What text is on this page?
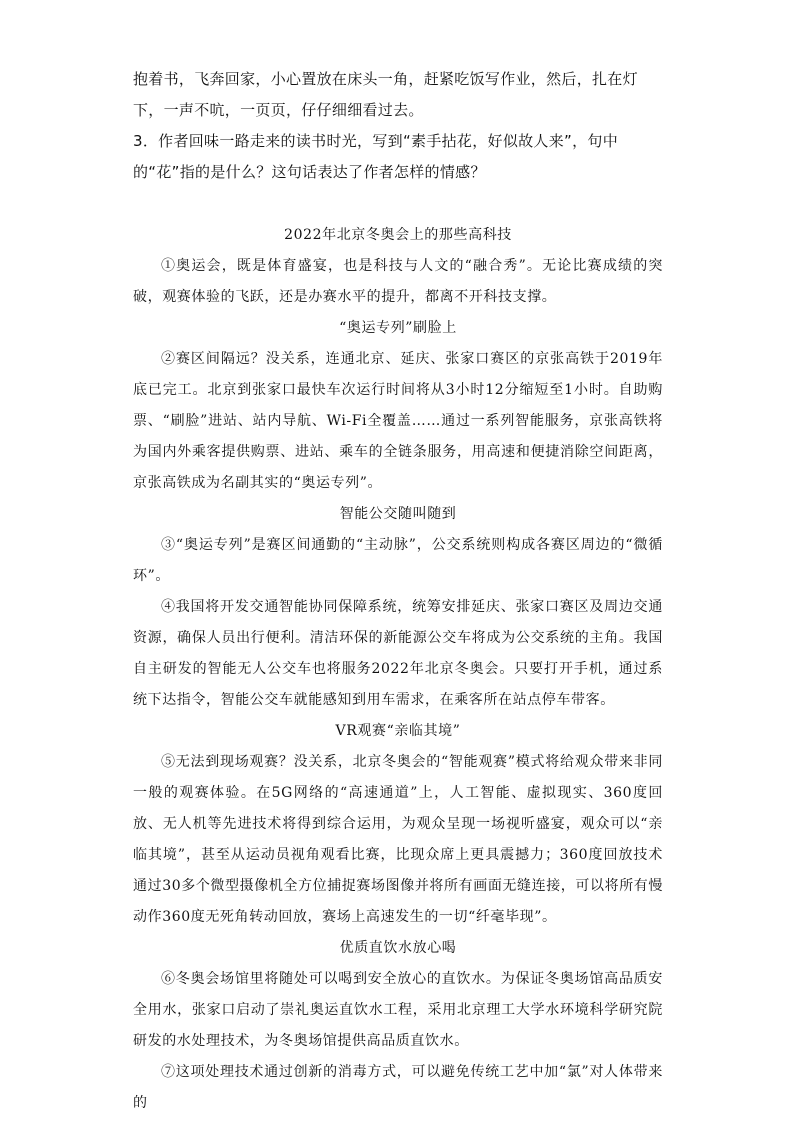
抱着书，飞奔回家，小心置放在床头一角，赶紧吃饭写作业，然后，扎在灯下，一声不吭，一页页，仔仔细细看过去。

3．作者回味一路走来的读书时光，写到“素手拈花，好似故人来”，句中的“花”指的是什么？这句话表达了作者怎样的情感？

2022年北京冬奥会上的那些高科技

①奥运会，既是体育盛宴，也是科技与人文的“融合秀”。无论比赛成绩的突破，观赛体验的飞跃，还是办赛水平的提升，都离不开科技支撑。

“奥运专列”刷脸上

②赛区间隔远？没关系，连通北京、延庆、张家口赛区的京张高铁于2019年底已完工。北京到张家口最快车次运行时间将从3小时12分缩短至1小时。自助购票、“刷脸”进站、站内导航、Wi-Fi全覆盖……通过一系列智能服务，京张高铁将为国内外乘客提供购票、进站、乘车的全链条服务，用高速和便捷消除空间距离，京张高铁成为名副其实的“奥运专列”。

智能公交随叫随到

③“奥运专列”是赛区间通勤的“主动脉”，公交系统则构成各赛区周边的“微循环”。

④我国将开发交通智能协同保障系统，统筹安排延庆、张家口赛区及周边交通资源，确保人员出行便利。清洁环保的新能源公交车将成为公交系统的主角。我国自主研发的智能无人公交车也将服务2022年北京冬奥会。只要打开手机，通过系统下达指令，智能公交车就能感知到用车需求，在乘客所在站点停车带客。

VR观赛“亲临其境”

⑤无法到现场观赛？没关系，北京冬奥会的“智能观赛”模式将给观众带来非同一般的观赛体验。在5G网络的“高速通道”上，人工智能、虚拟现实、360度回放、无人机等先进技术将得到综合运用，为观众呈现一场视听盛宴，观众可以“亲临其境”，甚至从运动员视角观看比赛，比现众席上更具震撼力；360度回放技术通过30多个微型摄像机全方位捕捉赛场图像并将所有画面无缝连接，可以将所有慢动作360度无死角转动回放，赛场上高速发生的一切“纤毫毕现”。

优质直饮水放心喝

⑥冬奥会场馆里将随处可以喝到安全放心的直饮水。为保证冬奥场馆高品质安全用水，张家口启动了崇礼奥运直饮水工程，采用北京理工大学水环境科学研究院研发的水处理技术，为冬奥场馆提供高品质直饮水。

⑦这项处理技术通过创新的消毒方式，可以避免传统工艺中加“氯”对人体带来的
